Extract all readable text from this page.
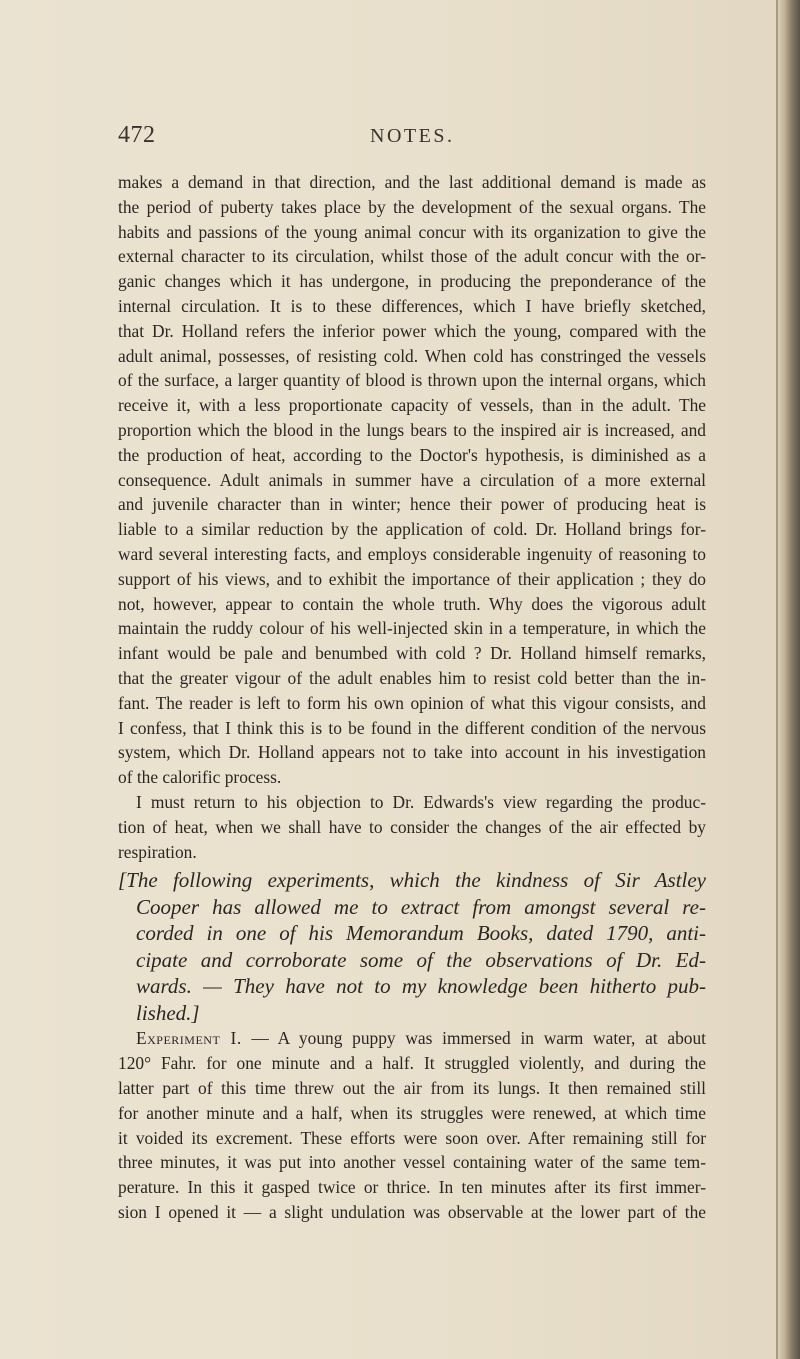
472	NOTES.
makes a demand in that direction, and the last additional demand is made as
the period of puberty takes place by the development of the sexual organs. The
habits and passions of the young animal concur with its organization to give the
external character to its circulation, whilst those of the adult concur with the or-
ganic changes which it has undergone, in producing the preponderance of the
internal circulation. It is to these differences, which I have briefly sketched,
that Dr. Holland refers the inferior power which the young, compared with the
adult animal, possesses, of resisting cold. When cold has constringed the vessels
of the surface, a larger quantity of blood is thrown upon the internal organs, which
receive it, with a less proportionate capacity of vessels, than in the adult. The
proportion which the blood in the lungs bears to the inspired air is increased, and
the production of heat, according to the Doctor's hypothesis, is diminished as a
consequence. Adult animals in summer have a circulation of a more external
and juvenile character than in winter; hence their power of producing heat is
liable to a similar reduction by the application of cold. Dr. Holland brings for-
ward several interesting facts, and employs considerable ingenuity of reasoning to
support of his views, and to exhibit the importance of their application ; they do
not, however, appear to contain the whole truth. Why does the vigorous adult
maintain the ruddy colour of his well-injected skin in a temperature, in which the
infant would be pale and benumbed with cold ? Dr. Holland himself remarks,
that the greater vigour of the adult enables him to resist cold better than the in-
fant. The reader is left to form his own opinion of what this vigour consists, and
I confess, that I think this is to be found in the different condition of the nervous
system, which Dr. Holland appears not to take into account in his investigation
of the calorific process.
I must return to his objection to Dr. Edwards's view regarding the produc-
tion of heat, when we shall have to consider the changes of the air effected by
respiration.
[The following experiments, which the kindness of Sir Astley
Cooper has allowed me to extract from amongst several re-
corded in one of his Memorandum Books, dated 1790, anti-
cipate and corroborate some of the observations of Dr. Ed-
wards. — They have not to my knowledge been hitherto pub-
lished.]
Experiment I. — A young puppy was immersed in warm water, at about
120° Fahr. for one minute and a half. It struggled violently, and during the
latter part of this time threw out the air from its lungs. It then remained still
for another minute and a half, when its struggles were renewed, at which time
it voided its excrement. These efforts were soon over. After remaining still for
three minutes, it was put into another vessel containing water of the same tem-
perature. In this it gasped twice or thrice. In ten minutes after its first immer-
sion I opened it — a slight undulation was observable at the lower part of the
